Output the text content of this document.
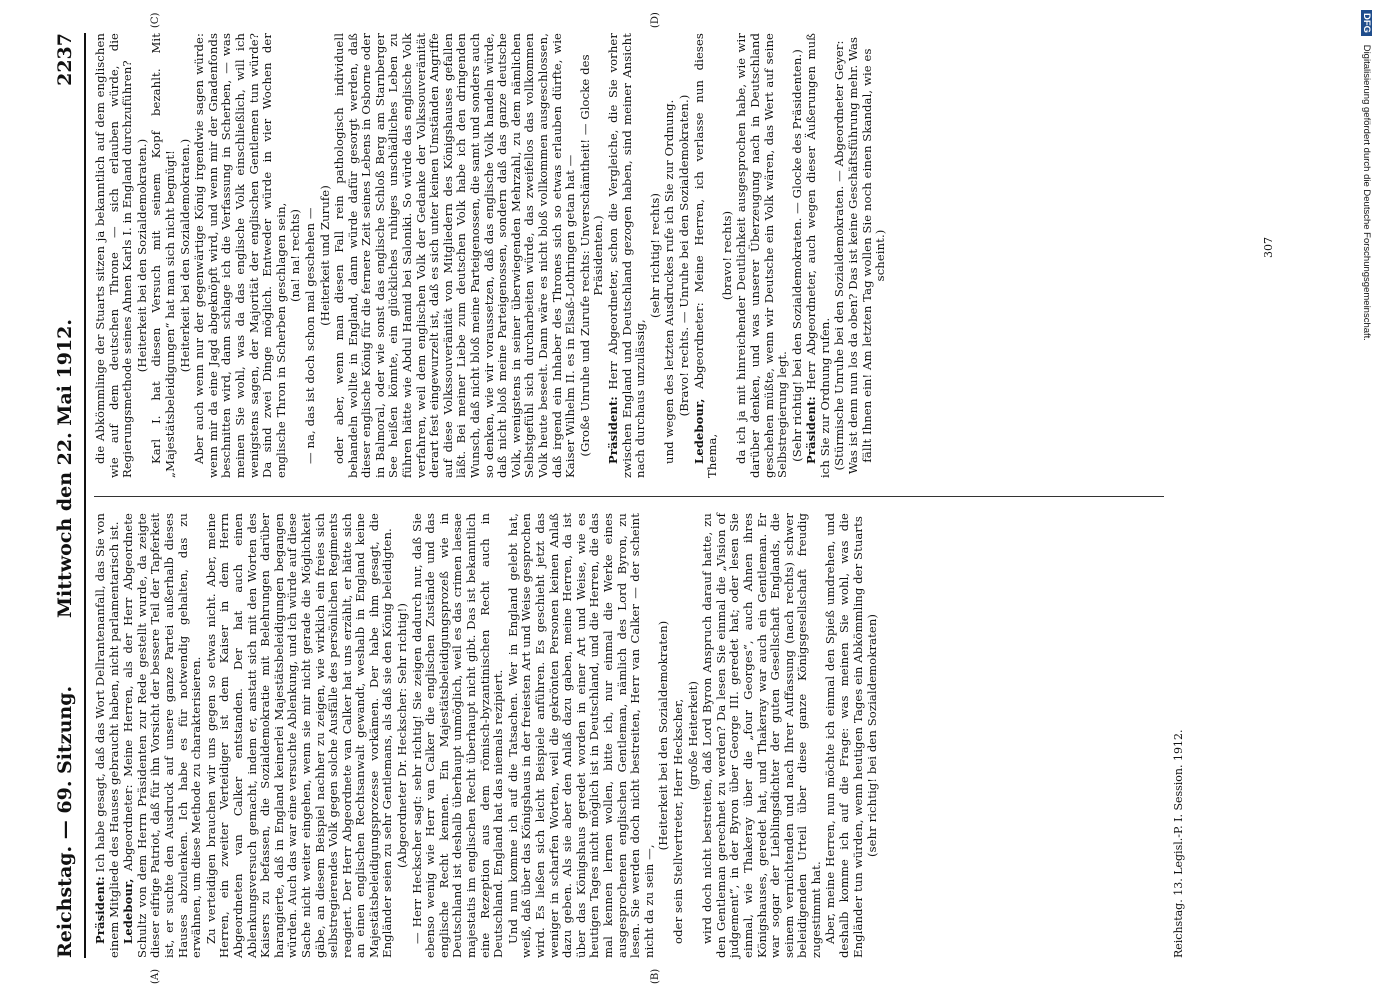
Reichstag. — 69. Sitzung.
Mittwoch den 22. Mai 1912.
2237

Präsident: Ich habe gesagt, daß das Wort Dellrantenanfall, das Sie von einem Mitgliede des Hauses gebraucht haben, nicht parlamentarisch ist. Ledebour, Abgeordneter: Meine Herren, als der Herr Abgeordnete Schultz von dem Herrn Präsidenten zur Rede gestellt wurde, da zeigte dieser eifrige Patriot, daß für ihn Vorsicht der bessere Teil der Tapferkeit ist, er suchte den Ausdruck auf unsere ganze Partei außerhalb dieses Hauses abzulenken. Ich habe es für notwendig gehalten, das zu erwähnen, um diese Methode zu charakterisieren. Zu verteidigen brauchen wir uns gegen so etwas nicht. Aber, meine Herren, ein zweiter Verteidiger ist dem Kaiser in dem Herrn Abgeordneten van Calker entstanden. Der hat auch einen Ablenkungsversuch gemacht, indem er, anstatt sich mit den Worten des Kaisers zu befassen, die Sozialdemokratie mit Belehrungen darüber harangierte, daß in England keinerlei Majestätsbeleidigungen begangen würden. Auch das war eine versuchte Ablenkung, und ich würde auf diese Sache nicht weiter eingehen, wenn sie mir nicht gerade die Möglichkeit gäbe, an diesem Beispiel nachher zu zeigen, wie wirklich ein freies sich selbstregierendes Volk gegen solche Ausfälle des persönlichen Regiments reagiert. Der Herr Abgeordnete van Calker hat uns erzählt, er hätte sich an einen englischen Rechtsanwalt gewandt, weshalb in England keine Majestätsbeleidigungsprozesse vorkämen. Der habe ihm gesagt, die Engländer seien zu sehr Gentlemans, als daß sie den König beleidigten. (Abgeordneter Dr. Heckscher: Sehr richtig!) — Herr Heckscher sagt: sehr richtig! Sie zeigen dadurch nur, daß Sie ebenso wenig wie Herr van Calker die englischen Zustände und das englische Recht kennen. Ein Majestätsbeleidigungsprozeß wie in Deutschland ist deshalb überhaupt unmöglich, weil es das crimen laesae majestatis im englischen Recht überhaupt nicht gibt. Das ist bekanntlich eine Rezeption aus dem römisch-byzantinischen Recht auch in Deutschland. England hat das niemals rezipiert. Und nun komme ich auf die Tatsachen. Wer in England gelebt hat, weiß, daß über das Königshaus in der freiesten Art und Weise gesprochen wird. Es ließen sich leicht Beispiele anführen. Es geschieht jetzt das weniger in scharfen Worten, weil die gekrönten Personen keinen Anlaß dazu geben. Als sie aber den Anlaß dazu gaben, meine Herren, da ist über das Königshaus geredet worden in einer Art und Weise, wie es heutigen Tages nicht möglich ist in Deutschland, und die Herren, die das mal kennen lernen wollen, bitte ich, nur einmal die Werke eines ausgesprochenen englischen Gentleman, nämlich des Lord Byron, zu lesen. Sie werden doch nicht bestreiten, Herr van Calker — der scheint nicht da zu sein —,

(Heiterkeit bei den Sozialdemokraten) oder sein Stellvertreter, Herr Heckscher, (große Heiterkeit) wird doch nicht bestreiten, daß Lord Byron Anspruch darauf hatte, zu den Gentleman gerechnet zu werden? Da lesen Sie einmal die „Vision of judgement“, in der Byron über George III. geredet hat; oder lesen Sie einmal, wie Thakeray über die „four Georges“, auch Ahnen ihres Königshauses, geredet hat, und Thakeray war auch ein Gentleman. Er war sogar der Lieblingsdichter der guten Gesellschaft Englands, die seinem vernichtenden und nach Ihrer Auffassung (nach rechts) schwer beleidigenden Urteil über diese ganze Königsgesellschaft freudig zugestimmt hat. Aber, meine Herren, nun möchte ich einmal den Spieß umdrehen, und deshalb komme ich auf die Frage: was meinen Sie wohl, was die Engländer tun würden, wenn heutigen Tages ein Abkömmling der Stuarts (sehr richtig! bei den Sozialdemokraten)

die Abkömmlinge der Stuarts sitzen ja bekanntlich auf dem englischen wie auf dem deutschen Throne — sich erlauben würde, die Regierungsmethode seines Ahnen Karls I. in England durchzuführen? (Heiterkeit bei den Sozialdemokraten.) Karl I. hat diesen Versuch mit seinem Kopf bezahlt. Mit „Majestätsbeleidigungen“ hat man sich nicht begnügt! (Heiterkeit bei den Sozialdemokraten.) Aber auch wenn nur der gegenwärtige König irgendwie sagen würde: wenn mir da eine Jagd abgeknöpft wird, und wenn mir der Gnadenfonds beschnitten wird, dann schlage ich die Verfassung in Scherben, — was meinen Sie wohl, was da das englische Volk einschließlich, will ich wenigstens sagen, der Majorität der englischen Gentlemen tun würde? Da sind zwei Dinge möglich. Entweder würde in vier Wochen der englische Thron in Scherben geschlagen sein, (na! na! rechts) — na, das ist doch schon mal geschehen — (Heiterkeit und Zurufe) oder aber, wenn man diesen Fall rein pathologisch individuell behandeln wollte in England, dann würde dafür gesorgt werden, daß dieser englische König für die fernere Zeit seines Lebens in Osborne oder in Balmoral, oder wie sonst das englische Schloß Berg am Starnberger See heißen könnte, ein glückliches ruhiges unschädliches Leben zu führen hätte wie Abdul Hamid bei Saloniki. So würde das englische Volk verfahren, weil dem englischen Volk der Gedanke der Volkssouveränität derart fest eingewurzelt ist, daß es sich unter keinen Umständen Angriffe auf diese Volkssouveränität von Mitgliedern des Königshauses gefallen läßt. Bei meiner Liebe zum deutschen Volk habe ich den dringenden Wunsch, daß nicht bloß meine Parteigenossen, die samt und sonders auch so denken, wie wir voraussetzen, daß das englische Volk handeln würde, daß nicht bloß meine Parteigenossen, sondern daß das ganze deutsche Volk, wenigstens in seiner überwiegenden Mehrzahl, zu dem nämlichen Selbstgefühl sich durcharbeiten würde, das zweifellos das vollkommen Volk heute beseelt. Dann wäre es nicht bloß vollkommen ausgeschlossen, daß irgend ein Inhaber des Thrones sich so etwas erlauben dürfte, wie Kaiser Wilhelm II. es in Elsaß-Lothringen getan hat — (Große Unruhe und Zurufe rechts: Unverschämtheit! — Glocke des Präsidenten.)

Präsident: Herr Abgeordneter, schon die Vergleiche, die Sie vorher zwischen England und Deutschland gezogen haben, sind meiner Ansicht nach durchaus unzulässig,

(sehr richtig! rechts) und wegen des letzten Ausdruckes rufe ich Sie zur Ordnung. (Bravo! rechts. — Unruhe bei den Sozialdemokraten.)

Ledebour, Abgeordneter: Meine Herren, ich verlasse nun dieses Thema,

(bravo! rechts) da ich ja mit hinreichender Deutlichkeit ausgesprochen habe, wie wir darüber denken, und was unserer Überzeugung nach in Deutschland geschehen müßte, wenn wir Deutsche ein Volk wären, das Wert auf seine Selbstregierung legt. (Sehr richtig! bei den Sozialdemokraten. — Glocke des Präsidenten.) Präsident: Herr Abgeordneter, auch wegen dieser Äußerungen muß ich Sie zur Ordnung rufen. (Stürmische Unruhe bei den Sozialdemokraten. — Abgeordneter Geyer: Was ist denn nun los da oben? Das ist keine Geschäftsführung mehr. Was fällt Ihnen ein! Am letzten Tag wollen Sie noch einen Skandal, wie es scheint.)

Reichstag. 13. Legisl.-P. I. Session. 1912.
307
(A)	(B)
(C)	(D)	DFG Digitalisierung gefördert durch die Deutsche Forschungsgemeinschaft.
